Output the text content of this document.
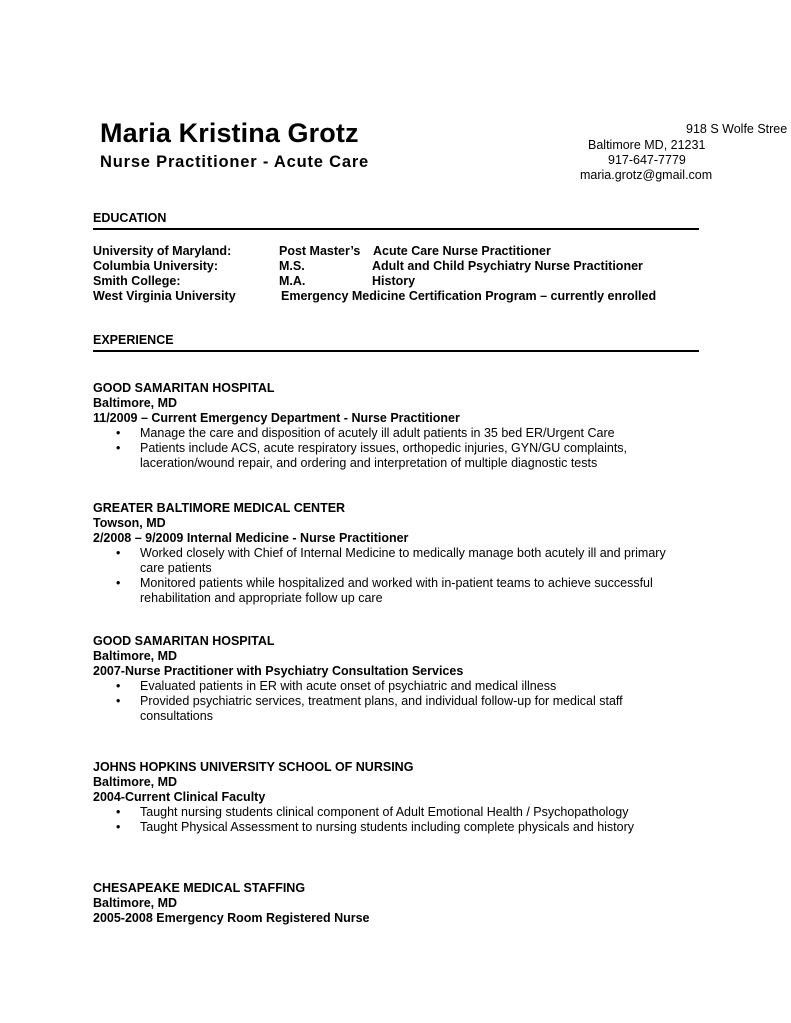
Maria Kristina Grotz
Nurse Practitioner - Acute Care
918 S Wolfe Stree
Baltimore MD, 21231
917-647-7779
maria.grotz@gmail.com
EDUCATION
University of Maryland:	Post Master’s Acute Care Nurse Practitioner
Columbia University:	M.S.	Adult and Child Psychiatry Nurse Practitioner
Smith College:	M.A.	History
West Virginia University	Emergency Medicine Certification Program – currently enrolled
EXPERIENCE
GOOD SAMARITAN HOSPITAL
Baltimore, MD
11/2009 – Current Emergency Department - Nurse Practitioner
• Manage the care and disposition of acutely ill adult patients in 35 bed ER/Urgent Care
• Patients include ACS, acute respiratory issues, orthopedic injuries, GYN/GU complaints, laceration/wound repair, and ordering and interpretation of multiple diagnostic tests
GREATER BALTIMORE MEDICAL CENTER
Towson, MD
2/2008 – 9/2009 Internal Medicine - Nurse Practitioner
• Worked closely with Chief of Internal Medicine to medically manage both acutely ill and primary care patients
• Monitored patients while hospitalized and worked with in-patient teams to achieve successful rehabilitation and appropriate follow up care
GOOD SAMARITAN HOSPITAL
Baltimore, MD
2007-Nurse Practitioner with Psychiatry Consultation Services
• Evaluated patients in ER with acute onset of psychiatric and medical illness
• Provided psychiatric services, treatment plans, and individual follow-up for medical staff consultations
JOHNS HOPKINS UNIVERSITY SCHOOL OF NURSING
Baltimore, MD
2004-Current Clinical Faculty
• Taught nursing students clinical component of Adult Emotional Health / Psychopathology
• Taught Physical Assessment to nursing students including complete physicals and history
CHESAPEAKE MEDICAL STAFFING
Baltimore, MD
2005-2008 Emergency Room Registered Nurse
